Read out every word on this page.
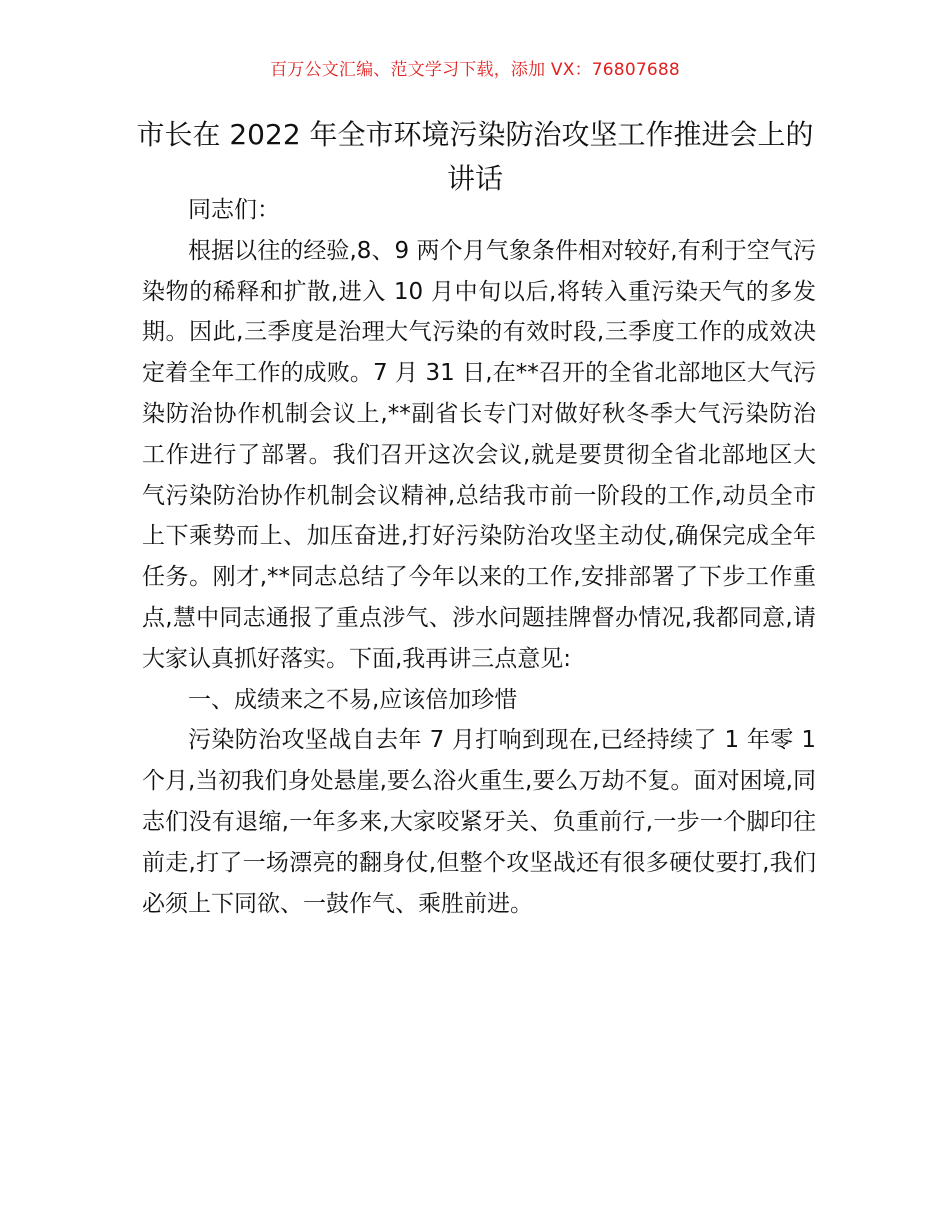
百万公文汇编、范文学习下载，添加 VX：76807688
市长在 2022 年全市环境污染防治攻坚工作推进会上的讲话

同志们：

根据以往的经验,8、9 两个月气象条件相对较好,有利于空气污染物的稀释和扩散,进入 10 月中旬以后,将转入重污染天气的多发期。因此,三季度是治理大气污染的有效时段,三季度工作的成效决定着全年工作的成败。7 月 31 日,在**召开的全省北部地区大气污染防治协作机制会议上,**副省长专门对做好秋冬季大气污染防治工作进行了部署。我们召开这次会议,就是要贯彻全省北部地区大气污染防治协作机制会议精神,总结我市前一阶段的工作,动员全市上下乘势而上、加压奋进,打好污染防治攻坚主动仗,确保完成全年任务。刚才,**同志总结了今年以来的工作,安排部署了下步工作重点,慧中同志通报了重点涉气、涉水问题挂牌督办情况,我都同意,请大家认真抓好落实。下面,我再讲三点意见:

一、成绩来之不易,应该倍加珍惜

污染防治攻坚战自去年 7 月打响到现在,已经持续了 1 年零 1 个月,当初我们身处悬崖,要么浴火重生,要么万劫不复。面对困境,同志们没有退缩,一年多来,大家咬紧牙关、负重前行,一步一个脚印往前走,打了一场漂亮的翻身仗,但整个攻坚战还有很多硬仗要打,我们必须上下同欲、一鼓作气、乘胜前进。
